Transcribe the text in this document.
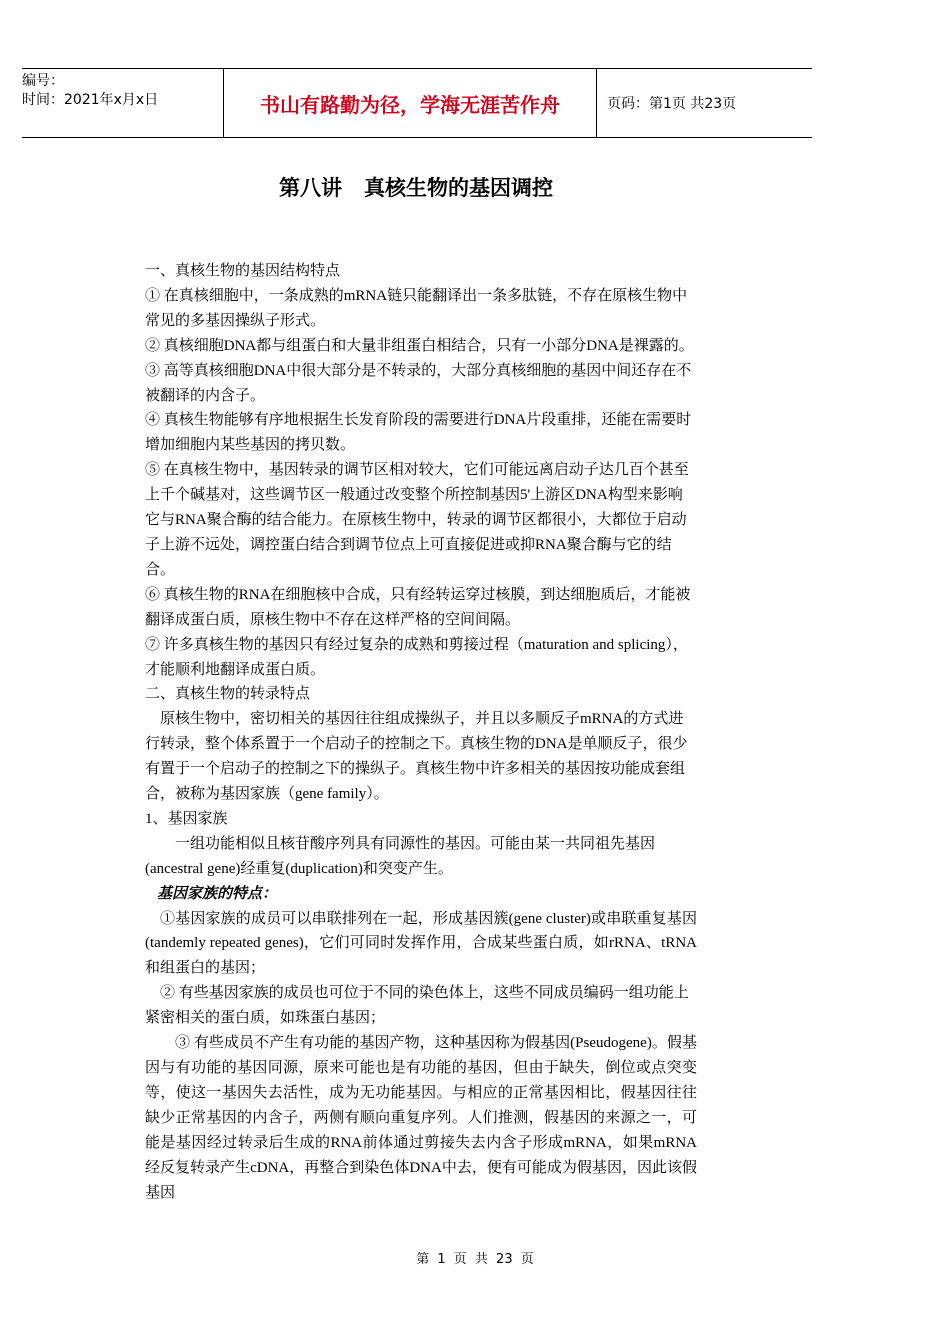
编号：
时间：2021年x月x日	书山有路勤为径，学海无涯苦作舟	页码：第1页 共23页
第八讲   真核生物的基因调控

一、真核生物的基因结构特点

① 在真核细胞中，一条成熟的mRNA链只能翻译出一条多肽链，不存在原核生物中常见的多基因操纵子形式。

② 真核细胞DNA都与组蛋白和大量非组蛋白相结合，只有一小部分DNA是裸露的。

③ 高等真核细胞DNA中很大部分是不转录的，大部分真核细胞的基因中间还存在不被翻译的内含子。

④ 真核生物能够有序地根据生长发育阶段的需要进行DNA片段重排，还能在需要时增加细胞内某些基因的拷贝数。

⑤ 在真核生物中，基因转录的调节区相对较大，它们可能远离启动子达几百个甚至上千个碱基对，这些调节区一般通过改变整个所控制基因5'上游区DNA构型来影响它与RNA聚合酶的结合能力。在原核生物中，转录的调节区都很小，大都位于启动子上游不远处，调控蛋白结合到调节位点上可直接促进或抑RNA聚合酶与它的结合。

⑥ 真核生物的RNA在细胞核中合成，只有经转运穿过核膜，到达细胞质后，才能被翻译成蛋白质，原核生物中不存在这样严格的空间间隔。

⑦ 许多真核生物的基因只有经过复杂的成熟和剪接过程（maturation and splicing），才能顺利地翻译成蛋白质。

二、真核生物的转录特点

原核生物中，密切相关的基因往往组成操纵子，并且以多顺反子mRNA的方式进行转录，整个体系置于一个启动子的控制之下。真核生物的DNA是单顺反子，很少有置于一个启动子的控制之下的操纵子。真核生物中许多相关的基因按功能成套组合，被称为基因家族（gene family）。

1、基因家族

一组功能相似且核苷酸序列具有同源性的基因。可能由某一共同祖先基因(ancestral gene)经重复(duplication)和突变产生。

基因家族的特点：

①基因家族的成员可以串联排列在一起，形成基因簇(gene cluster)或串联重复基因(tandemly repeated genes)，它们可同时发挥作用，合成某些蛋白质，如rRNA、tRNA和组蛋白的基因；

② 有些基因家族的成员也可位于不同的染色体上，这些不同成员编码一组功能上紧密相关的蛋白质，如珠蛋白基因；

③ 有些成员不产生有功能的基因产物，这种基因称为假基因(Pseudogene)。假基因与有功能的基因同源，原来可能也是有功能的基因，但由于缺失，倒位或点突变等，使这一基因失去活性，成为无功能基因。与相应的正常基因相比，假基因往往缺少正常基因的内含子，两侧有顺向重复序列。人们推测，假基因的来源之一，可能是基因经过转录后生成的RNA前体通过剪接失去内含子形成mRNA，如果mRNA经反复转录产生cDNA，再整合到染色体DNA中去，便有可能成为假基因，因此该假基因

第 1 页 共 23 页
